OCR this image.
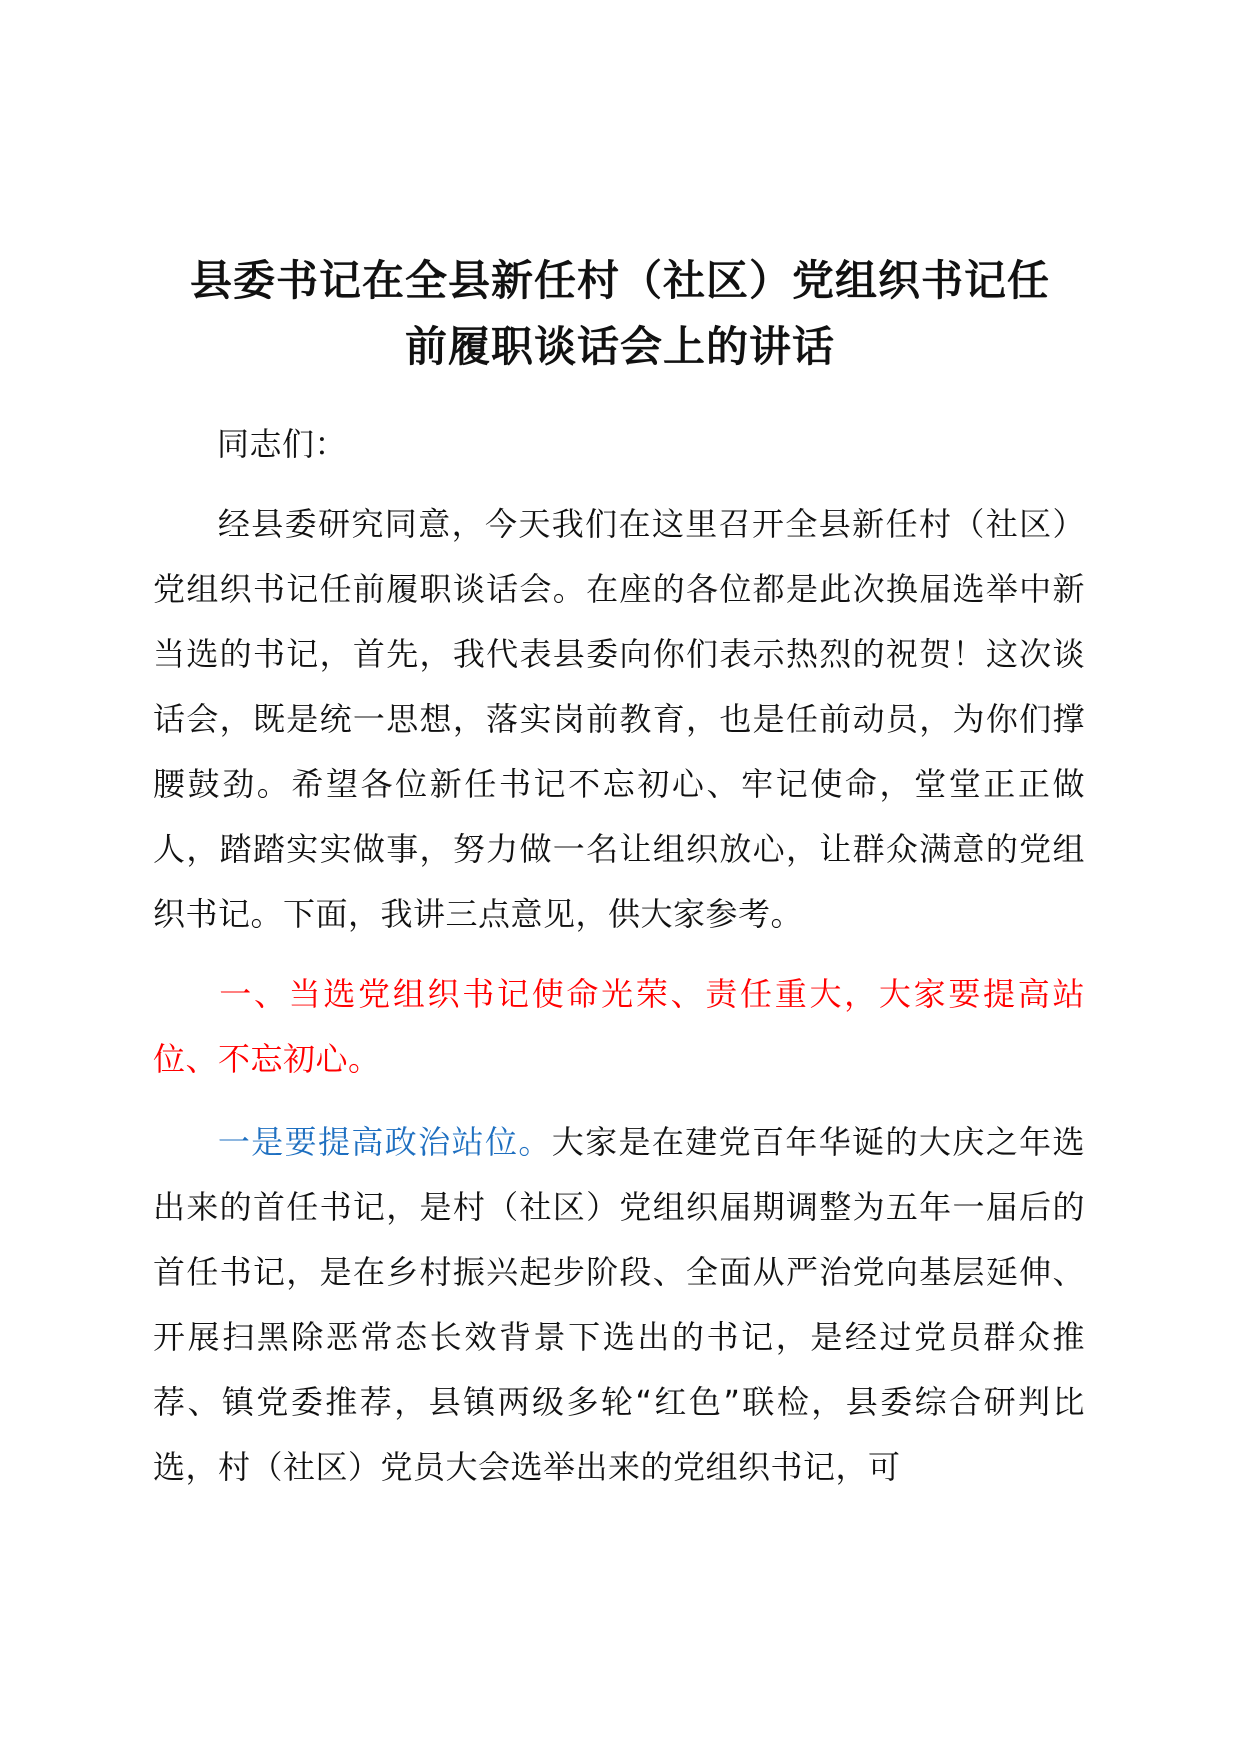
县委书记在全县新任村（社区）党组织书记任
前履职谈话会上的讲话

同志们：

经县委研究同意，今天我们在这里召开全县新任村（社区）党组织书记任前履职谈话会。在座的各位都是此次换届选举中新当选的书记，首先，我代表县委向你们表示热烈的祝贺！这次谈话会，既是统一思想，落实岗前教育，也是任前动员，为你们撑腰鼓劲。希望各位新任书记不忘初心、牢记使命，堂堂正正做人，踏踏实实做事，努力做一名让组织放心，让群众满意的党组织书记。下面，我讲三点意见，供大家参考。

一、当选党组织书记使命光荣、责任重大，大家要提高站位、不忘初心。

一是要提高政治站位。大家是在建党百年华诞的大庆之年选出来的首任书记，是村（社区）党组织届期调整为五年一届后的首任书记，是在乡村振兴起步阶段、全面从严治党向基层延伸、开展扫黑除恶常态长效背景下选出的书记，是经过党员群众推荐、镇党委推荐，县镇两级多轮“红色”联检，县委综合研判比选，村（社区）党员大会选举出来的党组织书记，可
